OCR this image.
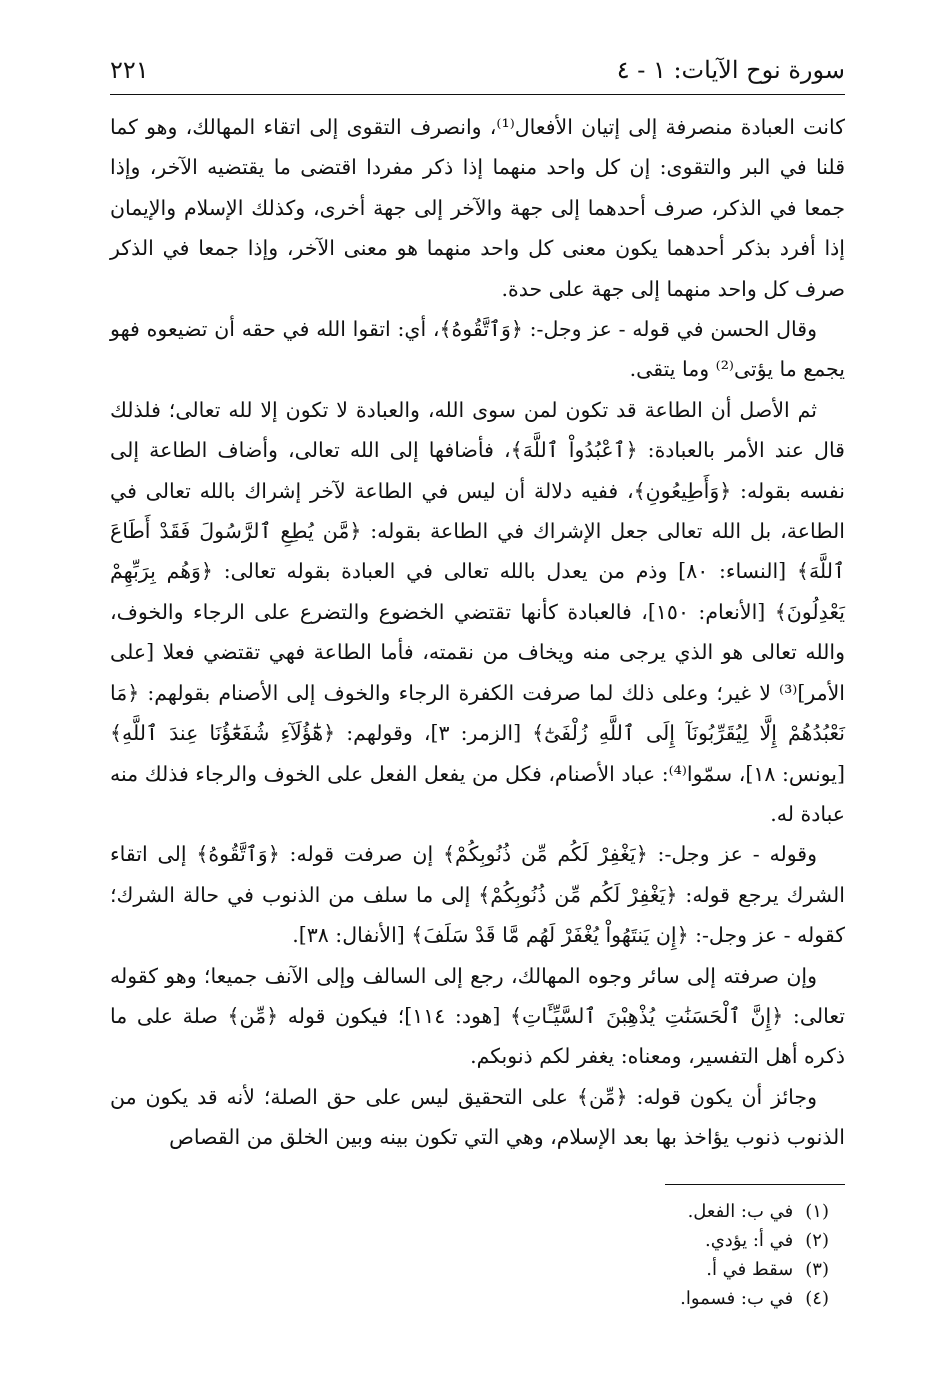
سورة نوح الآيات: ١ - ٤
٢٢١

كانت العبادة منصرفة إلى إتيان الأفعال⁽¹⁾، وانصرف التقوى إلى اتقاء المهالك، وهو كما قلنا في البر والتقوى: إن كل واحد منهما إذا ذكر مفردا اقتضى ما يقتضيه الآخر، وإذا جمعا في الذكر، صرف أحدهما إلى جهة والآخر إلى جهة أخرى، وكذلك الإسلام والإيمان إذا أفرد بذكر أحدهما يكون معنى كل واحد منهما هو معنى الآخر، وإذا جمعا في الذكر صرف كل واحد منهما إلى جهة على حدة.

وقال الحسن في قوله - عز وجل-: ﴿وَٱتَّقُوهُ﴾، أي: اتقوا الله في حقه أن تضيعوه فهو يجمع ما يؤتى⁽²⁾ وما يتقى.

ثم الأصل أن الطاعة قد تكون لمن سوى الله، والعبادة لا تكون إلا لله تعالى؛ فلذلك قال عند الأمر بالعبادة: ﴿ٱعْبُدُواْ ٱللَّهَ﴾، فأضافها إلى الله تعالى، وأضاف الطاعة إلى نفسه بقوله: ﴿وَأَطِيعُونِ﴾، ففيه دلالة أن ليس في الطاعة لآخر إشراك بالله تعالى في الطاعة، بل الله تعالى جعل الإشراك في الطاعة بقوله: ﴿مَّن يُطِعِ ٱلرَّسُولَ فَقَدْ أَطَاعَ ٱللَّهَ﴾ [النساء: ٨٠] وذم من يعدل بالله تعالى في العبادة بقوله تعالى: ﴿وَهُم بِرَبِّهِمْ يَعْدِلُونَ﴾ [الأنعام: ١٥٠]، فالعبادة كأنها تقتضي الخضوع والتضرع على الرجاء والخوف، والله تعالى هو الذي يرجى منه ويخاف من نقمته، فأما الطاعة فهي تقتضي فعلا [على الأمر]⁽³⁾ لا غير؛ وعلى ذلك لما صرفت الكفرة الرجاء والخوف إلى الأصنام بقولهم: ﴿مَا نَعْبُدُهُمْ إِلَّا لِيُقَرِّبُونَآ إِلَى ٱللَّهِ زُلْفَىٰٓ﴾ [الزمر: ٣]، وقولهم: ﴿هَٰٓؤُلَآءِ شُفَعَٰٓؤُنَا عِندَ ٱللَّهِ﴾ [يونس: ١٨]، سمّوا⁽⁴⁾: عباد الأصنام، فكل من يفعل الفعل على الخوف والرجاء فذلك منه عبادة له.

وقوله - عز وجل-: ﴿يَغْفِرْ لَكُم مِّن ذُنُوبِكُمْ﴾ إن صرفت قوله: ﴿وَٱتَّقُوهُ﴾ إلى اتقاء الشرك يرجع قوله: ﴿يَغْفِرْ لَكُم مِّن ذُنُوبِكُمْ﴾ إلى ما سلف من الذنوب في حالة الشرك؛ كقوله - عز وجل-: ﴿إِن يَنتَهُواْ يُغْفَرْ لَهُم مَّا قَدْ سَلَفَ﴾ [الأنفال: ٣٨].

وإن صرفته إلى سائر وجوه المهالك، رجع إلى السالف وإلى الآنف جميعا؛ وهو كقوله تعالى: ﴿إِنَّ ٱلْحَسَنَٰتِ يُذْهِبْنَ ٱلسَّيِّـَٔاتِ﴾ [هود: ١١٤]؛ فيكون قوله ﴿مِّن﴾ صلة على ما ذكره أهل التفسير، ومعناه: يغفر لكم ذنوبكم.

وجائز أن يكون قوله: ﴿مِّن﴾ على التحقيق ليس على حق الصلة؛ لأنه قد يكون من الذنوب ذنوب يؤاخذ بها بعد الإسلام، وهي التي تكون بينه وبين الخلق من القصاص

(١) في ب: الفعل.
(٢) في أ: يؤدي.
(٣) سقط في أ.
(٤) في ب: فسموا.
